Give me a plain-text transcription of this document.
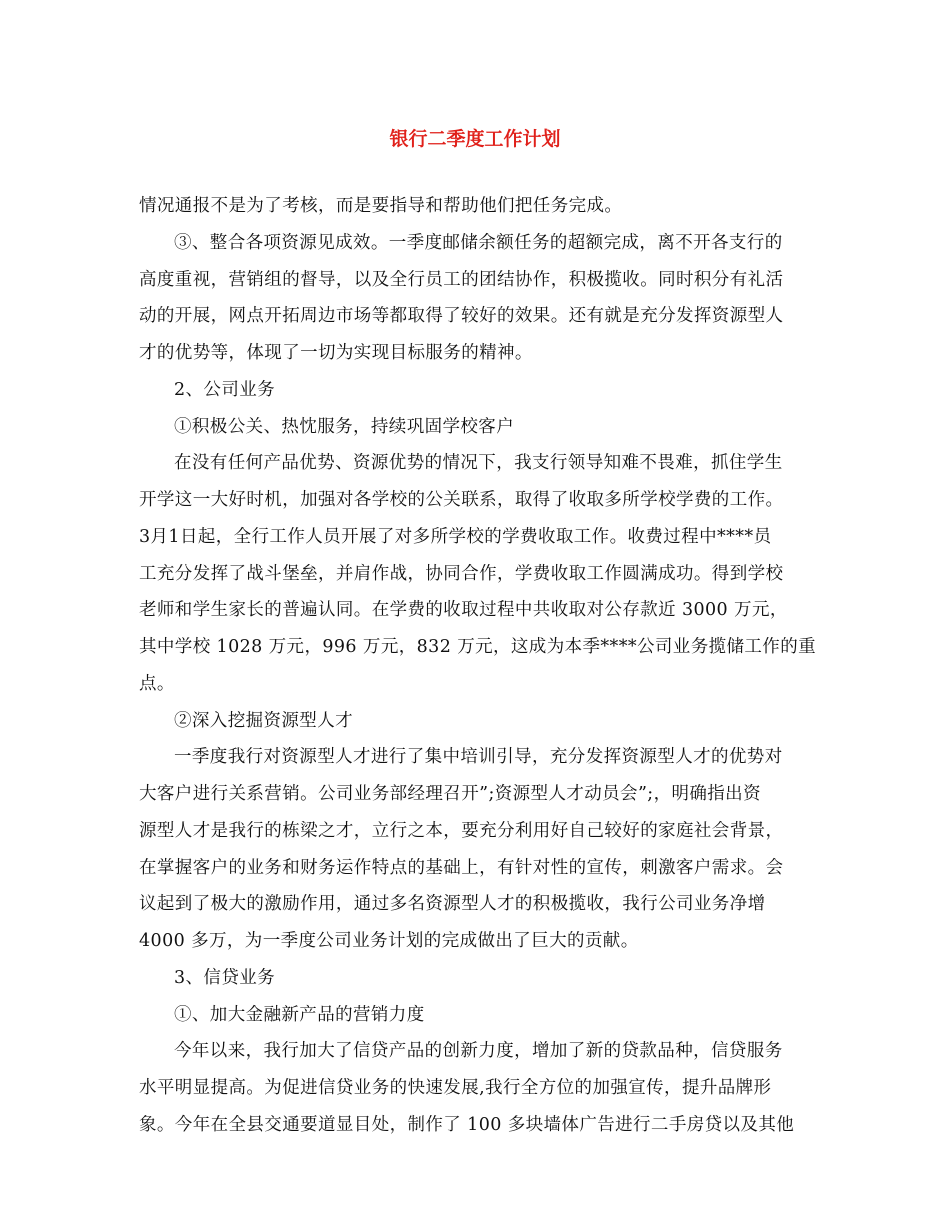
银行二季度工作计划
情况通报不是为了考核，而是要指导和帮助他们把任务完成。
③、整合各项资源见成效。一季度邮储余额任务的超额完成，离不开各支行的
高度重视，营销组的督导，以及全行员工的团结协作，积极揽收。同时积分有礼活
动的开展，网点开拓周边市场等都取得了较好的效果。还有就是充分发挥资源型人
才的优势等，体现了一切为实现目标服务的精神。
2、公司业务
①积极公关、热忱服务，持续巩固学校客户
在没有任何产品优势、资源优势的情况下，我支行领导知难不畏难，抓住学生
开学这一大好时机，加强对各学校的公关联系，取得了收取多所学校学费的工作。
3月1日起，全行工作人员开展了对多所学校的学费收取工作。收费过程中****员
工充分发挥了战斗堡垒，并肩作战，协同合作，学费收取工作圆满成功。得到学校
老师和学生家长的普遍认同。在学费的收取过程中共收取对公存款近 3000 万元，
其中学校 1028 万元，996 万元，832 万元，这成为本季****公司业务揽储工作的重
点。
②深入挖掘资源型人才
一季度我行对资源型人才进行了集中培训引导，充分发挥资源型人才的优势对
大客户进行关系营销。公司业务部经理召开”;资源型人才动员会”;，明确指出资
源型人才是我行的栋梁之才，立行之本，要充分利用好自己较好的家庭社会背景，
在掌握客户的业务和财务运作特点的基础上，有针对性的宣传，刺激客户需求。会
议起到了极大的激励作用，通过多名资源型人才的积极揽收，我行公司业务净增
4000 多万，为一季度公司业务计划的完成做出了巨大的贡献。
3、信贷业务
①、加大金融新产品的营销力度
今年以来，我行加大了信贷产品的创新力度，增加了新的贷款品种，信贷服务
水平明显提高。为促进信贷业务的快速发展,我行全方位的加强宣传，提升品牌形
象。今年在全县交通要道显目处，制作了 100 多块墙体广告进行二手房贷以及其他
